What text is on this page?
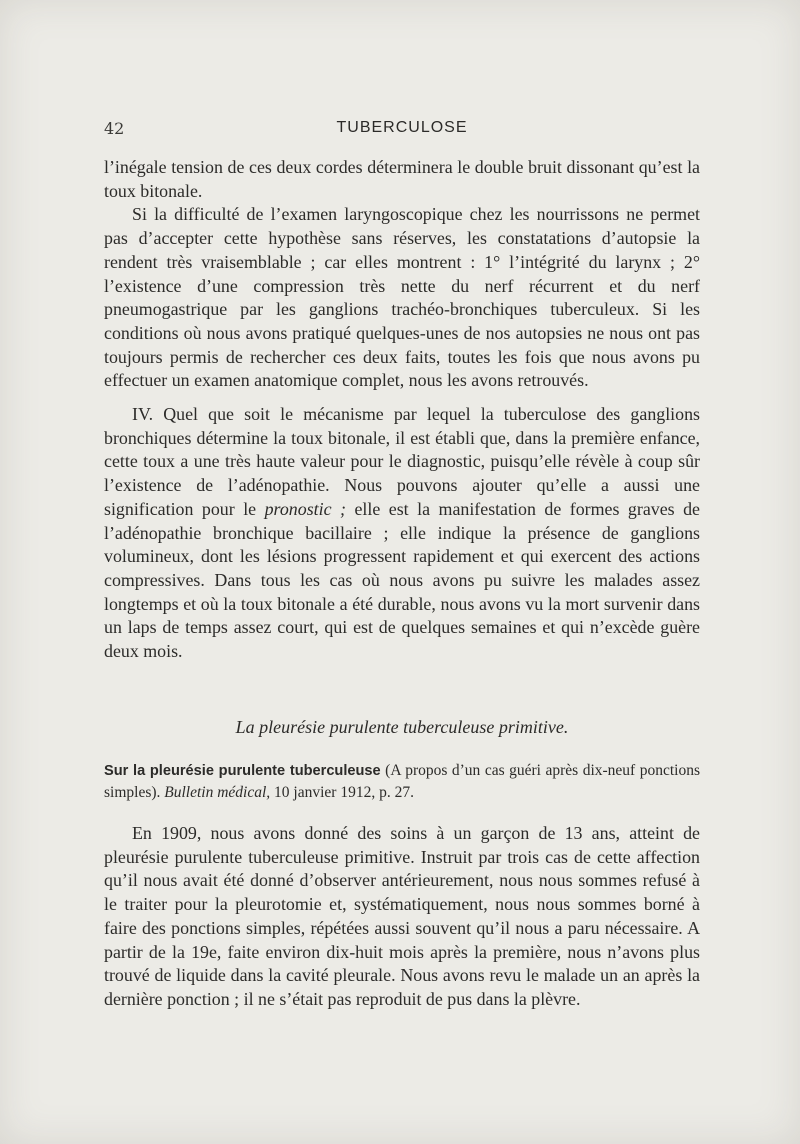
42	TUBERCULOSE

l’inégale tension de ces deux cordes déterminera le double bruit dissonant qu’est la toux bitonale.

Si la difficulté de l’examen laryngoscopique chez les nourrissons ne permet pas d’accepter cette hypothèse sans réserves, les constatations d’autopsie la rendent très vraisemblable ; car elles montrent : 1° l’intégrité du larynx ; 2° l’existence d’une compression très nette du nerf récurrent et du nerf pneumogastrique par les ganglions trachéo-bronchiques tuberculeux. Si les conditions où nous avons pratiqué quelques-unes de nos autopsies ne nous ont pas toujours permis de rechercher ces deux faits, toutes les fois que nous avons pu effectuer un examen anatomique complet, nous les avons retrouvés.

IV. Quel que soit le mécanisme par lequel la tuberculose des ganglions bronchiques détermine la toux bitonale, il est établi que, dans la première enfance, cette toux a une très haute valeur pour le diagnostic, puisqu’elle révèle à coup sûr l’existence de l’adénopathie. Nous pouvons ajouter qu’elle a aussi une signification pour le pronostic ; elle est la manifestation de formes graves de l’adénopathie bronchique bacillaire ; elle indique la présence de ganglions volumineux, dont les lésions progressent rapidement et qui exercent des actions compressives. Dans tous les cas où nous avons pu suivre les malades assez longtemps et où la toux bitonale a été durable, nous avons vu la mort survenir dans un laps de temps assez court, qui est de quelques semaines et qui n’excède guère deux mois.

La pleurésie purulente tuberculeuse primitive.
Sur la pleurésie purulente tuberculeuse (A propos d’un cas guéri après dix-neuf ponctions simples). Bulletin médical, 10 janvier 1912, p. 27.

En 1909, nous avons donné des soins à un garçon de 13 ans, atteint de pleurésie purulente tuberculeuse primitive. Instruit par trois cas de cette affection qu’il nous avait été donné d’observer antérieurement, nous nous sommes refusé à le traiter pour la pleurotomie et, systématiquement, nous nous sommes borné à faire des ponctions simples, répétées aussi souvent qu’il nous a paru nécessaire. A partir de la 19e, faite environ dix-huit mois après la première, nous n’avons plus trouvé de liquide dans la cavité pleurale. Nous avons revu le malade un an après la dernière ponction ; il ne s’était pas reproduit de pus dans la plèvre.
